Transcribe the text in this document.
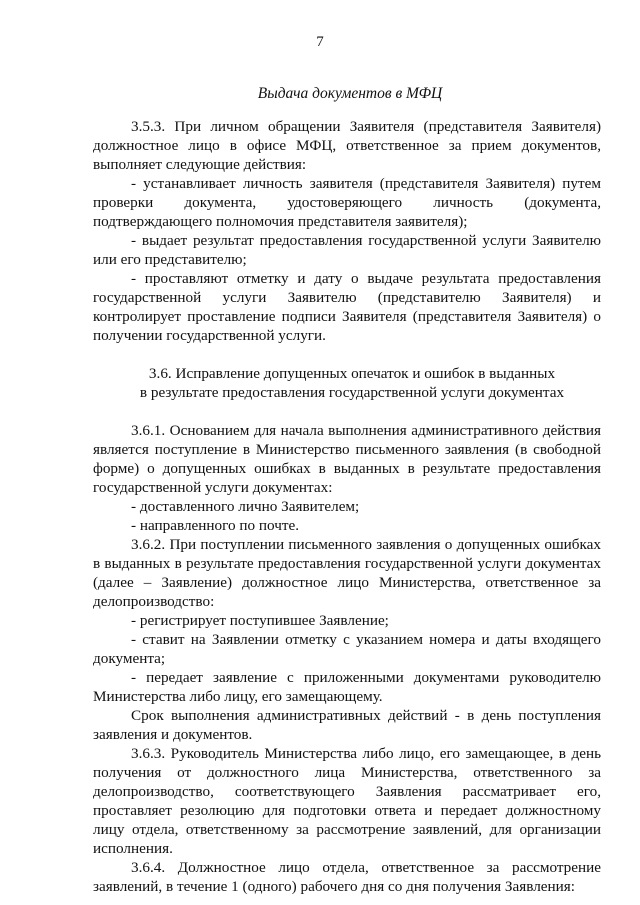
7
Выдача документов в МФЦ

3.5.3. При личном обращении Заявителя (представителя Заявителя) должностное лицо в офисе МФЦ, ответственное за прием документов, выполняет следующие действия:

- устанавливает личность заявителя (представителя Заявителя) путем проверки документа, удостоверяющего личность (документа, подтверждающего полномочия представителя заявителя);

- выдает результат предоставления государственной услуги Заявителю или его представителю;

- проставляют отметку и дату о выдаче результата предоставления государственной услуги Заявителю (представителю Заявителя) и контролирует проставление подписи Заявителя (представителя Заявителя) о получении государственной услуги.

3.6. Исправление допущенных опечаток и ошибок в выданных

в результате предоставления государственной услуги документах

3.6.1. Основанием для начала выполнения административного действия является поступление в Министерство письменного заявления (в свободной форме) о допущенных ошибках в выданных в результате предоставления государственной услуги документах:

- доставленного лично Заявителем;

- направленного по почте.

3.6.2. При поступлении письменного заявления о допущенных ошибках в выданных в результате предоставления государственной услуги документах (далее – Заявление) должностное лицо Министерства, ответственное за делопроизводство:

- регистрирует поступившее Заявление;

- ставит на Заявлении отметку с указанием номера и даты входящего документа;

- передает заявление с приложенными документами руководителю Министерства либо лицу, его замещающему.

Срок выполнения административных действий - в день поступления заявления и документов.

3.6.3. Руководитель Министерства либо лицо, его замещающее, в день получения от должностного лица Министерства, ответственного за делопроизводство, соответствующего Заявления рассматривает его, проставляет резолюцию для подготовки ответа и передает должностному лицу отдела, ответственному за рассмотрение заявлений, для организации исполнения.

3.6.4. Должностное лицо отдела, ответственное за рассмотрение заявлений, в течение 1 (одного) рабочего дня со дня получения Заявления:
